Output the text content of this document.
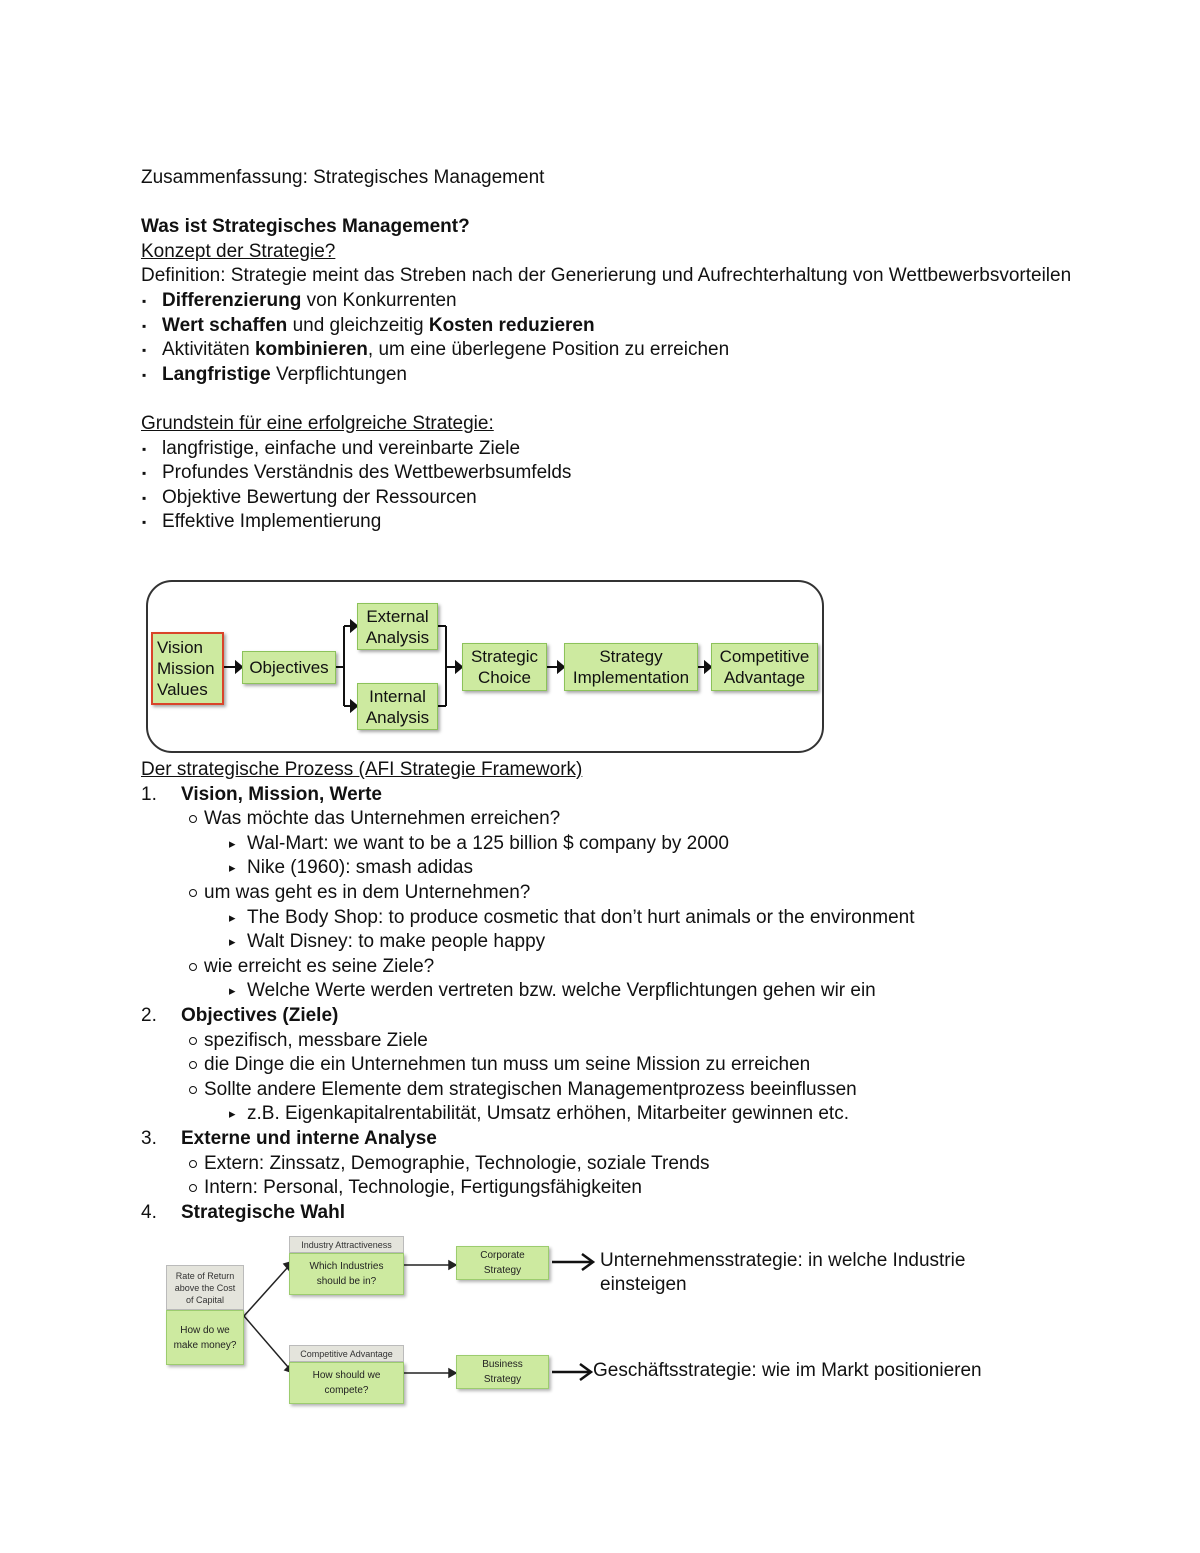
Zusammenfassung: Strategisches Management
Was ist Strategisches Management?
Konzept der Strategie?
Definition: Strategie meint das Streben nach der Generierung und Aufrechterhaltung von Wettbewerbsvorteilen
▪ Differenzierung von Konkurrenten
▪ Wert schaffen und gleichzeitig Kosten reduzieren
▪ Aktivitäten kombinieren, um eine überlegene Position zu erreichen
▪ Langfristige Verpflichtungen
Grundstein für eine erfolgreiche Strategie:
▪ langfristige, einfache und vereinbarte Ziele
▪ Profundes Verständnis des Wettbewerbsumfelds
▪ Objektive Bewertung der Ressourcen
▪ Effektive Implementierung
Vision
Mission
Values
Objectives
External
Analysis
Internal
Analysis
Strategic
Choice
Strategy
Implementation
Competitive
Advantage
Der strategische Prozess (AFI Strategie Framework)
1. Vision, Mission, Werte
Was möchte das Unternehmen erreichen?
▸ Wal-Mart: we want to be a 125 billion $ company by 2000
▸ Nike (1960): smash adidas
um was geht es in dem Unternehmen?
▸ The Body Shop: to produce cosmetic that don’t hurt animals or the environment
▸ Walt Disney: to make people happy
wie erreicht es seine Ziele?
▸ Welche Werte werden vertreten bzw. welche Verpflichtungen gehen wir ein
2. Objectives (Ziele)
spezifisch, messbare Ziele
die Dinge die ein Unternehmen tun muss um seine Mission zu erreichen
Sollte andere Elemente dem strategischen Managementprozess beeinflussen
▸ z.B. Eigenkapitalrentabilität, Umsatz erhöhen, Mitarbeiter gewinnen etc.
3. Externe und interne Analyse
Extern: Zinssatz, Demographie, Technologie, soziale Trends
Intern: Personal, Technologie, Fertigungsfähigkeiten
4. Strategische Wahl
Rate of Return above the Cost of Capital
How do we make money?
Industry Attractiveness
Which Industries should be in?
Competitive Advantage
How should we compete?
Corporate Strategy
Business Strategy
Unternehmensstrategie: in welche Industrie einsteigen
Geschäftsstrategie: wie im Markt positionieren
